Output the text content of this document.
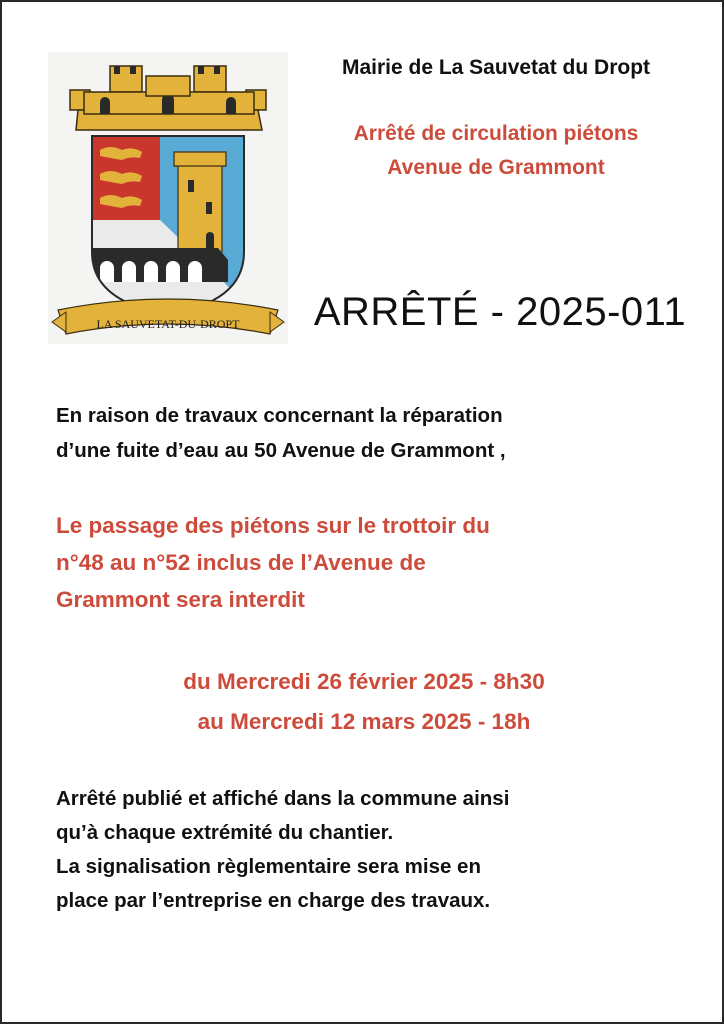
LA SAUVETAT-DU-DROPT
Mairie de La Sauvetat du Dropt
Arrêté de circulation piétons
Avenue de Grammont
ARRÊTÉ - 2025-011
En raison de travaux concernant la réparation
d’une fuite d’eau au 50 Avenue de Grammont ,
Le passage des piétons sur le trottoir du
n°48 au n°52 inclus de l’Avenue de
Grammont sera interdit
du Mercredi 26 février 2025 - 8h30
au Mercredi 12 mars 2025 - 18h
Arrêté publié et affiché dans la commune ainsi
qu’à chaque extrémité du chantier.
La signalisation règlementaire sera mise en
place par l’entreprise en charge des travaux.
